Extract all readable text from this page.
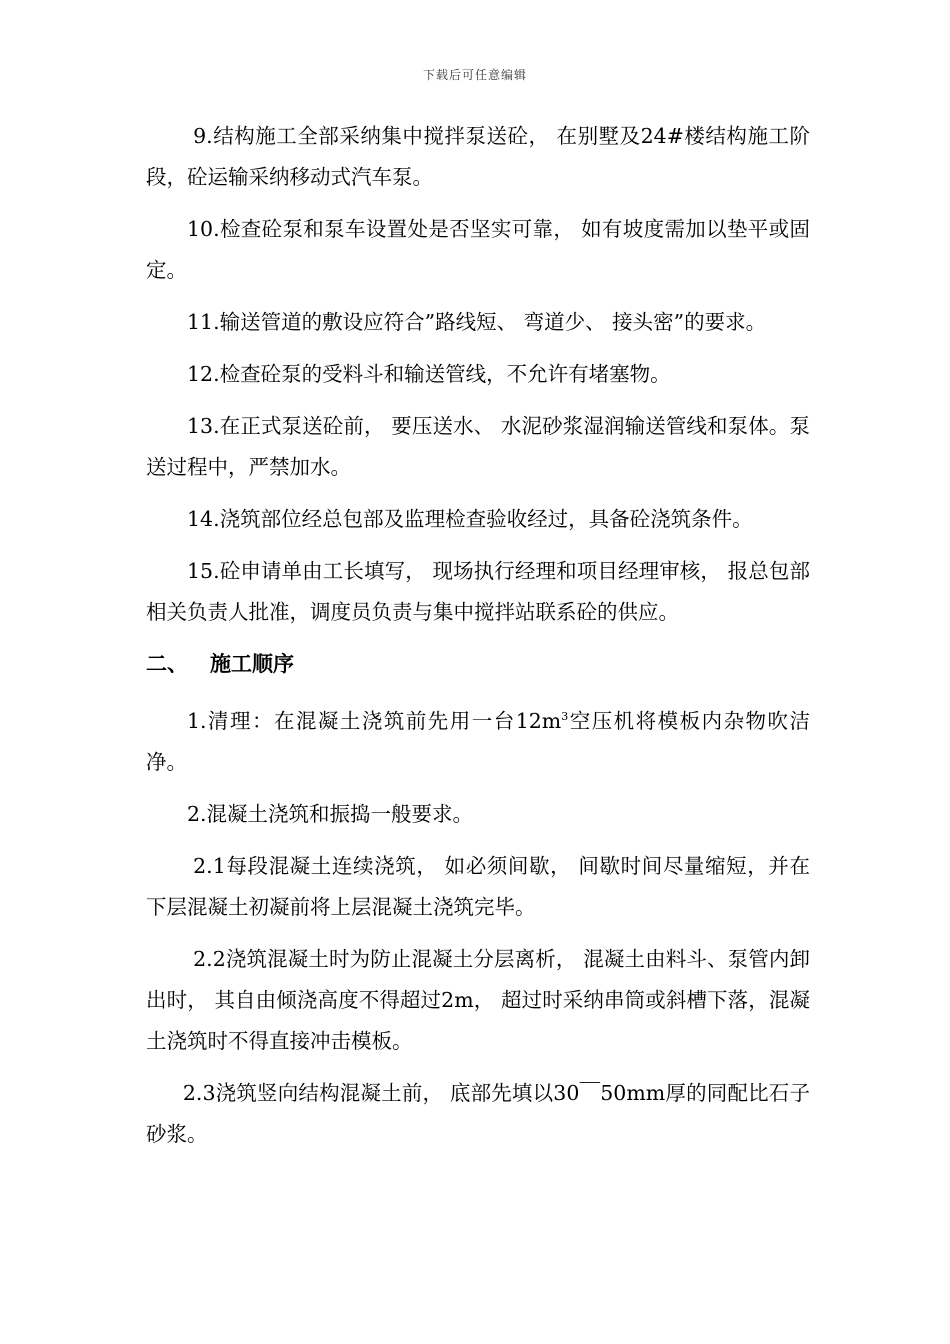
下载后可任意编辑

9.结构施工全部采纳集中搅拌泵送砼， 在别墅及24#楼结构施工阶段，砼运输采纳移动式汽车泵。

10.检查砼泵和泵车设置处是否坚实可靠， 如有坡度需加以垫平或固定。

11.输送管道的敷设应符合”路线短、 弯道少、 接头密”的要求。

12.检查砼泵的受料斗和输送管线，不允许有堵塞物。

13.在正式泵送砼前， 要压送水、 水泥砂浆湿润输送管线和泵体。泵送过程中，严禁加水。

14.浇筑部位经总包部及监理检查验收经过，具备砼浇筑条件。

15.砼申请单由工长填写， 现场执行经理和项目经理审核， 报总包部相关负责人批准，调度员负责与集中搅拌站联系砼的供应。

二、 施工顺序

1.清理：在混凝土浇筑前先用一台$12m^3$空压机将模板内杂物吹洁净。

2.混凝土浇筑和振捣一般要求。

2.1每段混凝土连续浇筑， 如必须间歇， 间歇时间尽量缩短，并在下层混凝土初凝前将上层混凝土浇筑完毕。

2.2浇筑混凝土时为防止混凝土分层离析， 混凝土由料斗、泵管内卸出时， 其自由倾浇高度不得超过2m， 超过时采纳串筒或斜槽下落，混凝土浇筑时不得直接冲击模板。

2.3浇筑竖向结构混凝土前， 底部先填以30￣50mm厚的同配比石子砂浆。
